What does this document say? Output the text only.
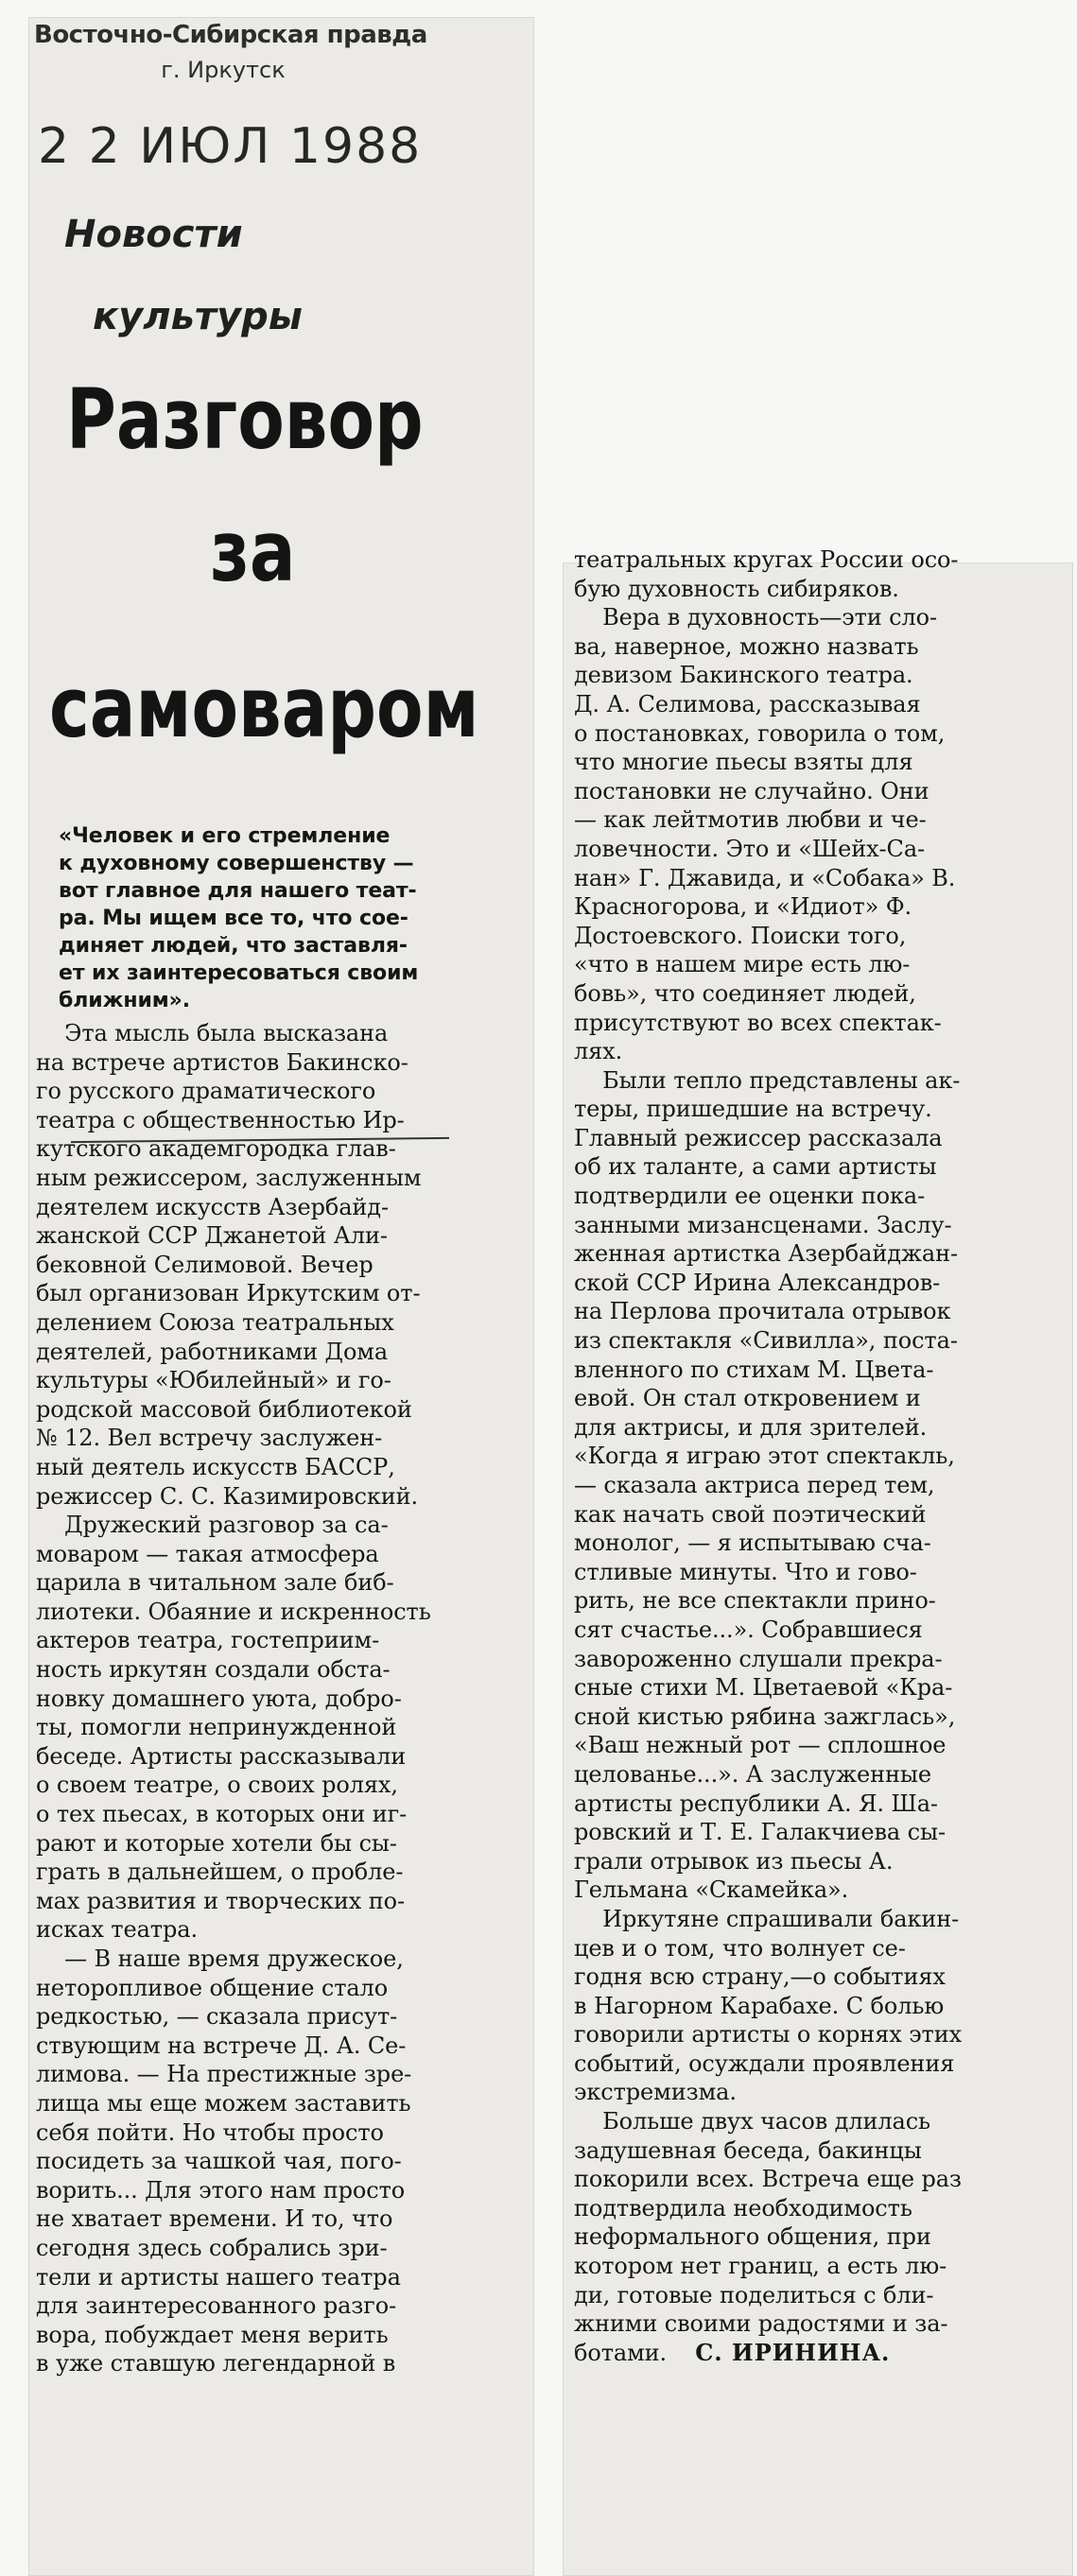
Восточно-Сибирская правда
г. Иркутск
2 2 ИЮЛ 1988
Новости
культуры
Разговор
за
самоваром
«Человек и его стремление
к духовному совершенству —
вот главное для нашего теат-
ра. Мы ищем все то, что сое-
диняет людей, что заставля-
ет их заинтересоваться своим
ближним».
Эта мысль была высказана
на встрече артистов Бакинско-
го русского драматического
театра с общественностью Ир-
кутского академгородка глав-
ным режиссером, заслуженным
деятелем искусств Азербайд-
жанской ССР Джанетой Али-
бековной Селимовой. Вечер
был организован Иркутским от-
делением Союза театральных
деятелей, работниками Дома
культуры «Юбилейный» и го-
родской массовой библиотекой
№ 12. Вел встречу заслужен-
ный деятель искусств БАССР,
режиссер С. С. Казимировский.
Дружеский разговор за са-
моваром — такая атмосфера
царила в читальном зале биб-
лиотеки. Обаяние и искренность
актеров театра, гостеприим-
ность иркутян создали обста-
новку домашнего уюта, добро-
ты, помогли непринужденной
беседе. Артисты рассказывали
о своем театре, о своих ролях,
о тех пьесах, в которых они иг-
рают и которые хотели бы сы-
грать в дальнейшем, о пробле-
мах развития и творческих по-
исках театра.
— В наше время дружеское,
неторопливое общение стало
редкостью, — сказала присут-
ствующим на встрече Д. А. Се-
лимова. — На престижные зре-
лища мы еще можем заставить
себя пойти. Но чтобы просто
посидеть за чашкой чая, пого-
ворить... Для этого нам просто
не хватает времени. И то, что
сегодня здесь собрались зри-
тели и артисты нашего театра
для заинтересованного разго-
вора, побуждает меня верить
в уже ставшую легендарной в
театральных кругах России осо-
бую духовность сибиряков.
Вера в духовность—эти сло-
ва, наверное, можно назвать
девизом Бакинского театра.
Д. А. Селимова, рассказывая
о постановках, говорила о том,
что многие пьесы взяты для
постановки не случайно. Они
— как лейтмотив любви и че-
ловечности. Это и «Шейх-Са-
нан» Г. Джавида, и «Собака» В.
Красногорова, и «Идиот» Ф.
Достоевского. Поиски того,
«что в нашем мире есть лю-
бовь», что соединяет людей,
присутствуют во всех спектак-
лях.
Были тепло представлены ак-
теры, пришедшие на встречу.
Главный режиссер рассказала
об их таланте, а сами артисты
подтвердили ее оценки пока-
занными мизансценами. Заслу-
женная артистка Азербайджан-
ской ССР Ирина Александров-
на Перлова прочитала отрывок
из спектакля «Сивилла», поста-
вленного по стихам М. Цвета-
евой. Он стал откровением и
для актрисы, и для зрителей.
«Когда я играю этот спектакль,
— сказала актриса перед тем,
как начать свой поэтический
монолог, — я испытываю сча-
стливые минуты. Что и гово-
рить, не все спектакли прино-
сят счастье...». Собравшиеся
завороженно слушали прекра-
сные стихи М. Цветаевой «Кра-
сной кистью рябина зажглась»,
«Ваш нежный рот — сплошное
целованье...». А заслуженные
артисты республики А. Я. Ша-
ровский и Т. Е. Галакчиева сы-
грали отрывок из пьесы А.
Гельмана «Скамейка».
Иркутяне спрашивали бакин-
цев и о том, что волнует се-
годня всю страну,—о событиях
в Нагорном Карабахе. С болью
говорили артисты о корнях этих
событий, осуждали проявления
экстремизма.
Больше двух часов длилась
задушевная беседа, бакинцы
покорили всех. Встреча еще раз
подтвердила необходимость
неформального общения, при
котором нет границ, а есть лю-
ди, готовые поделиться с бли-
жними своими радостями и за-
ботами. С. ИРИНИНА.
